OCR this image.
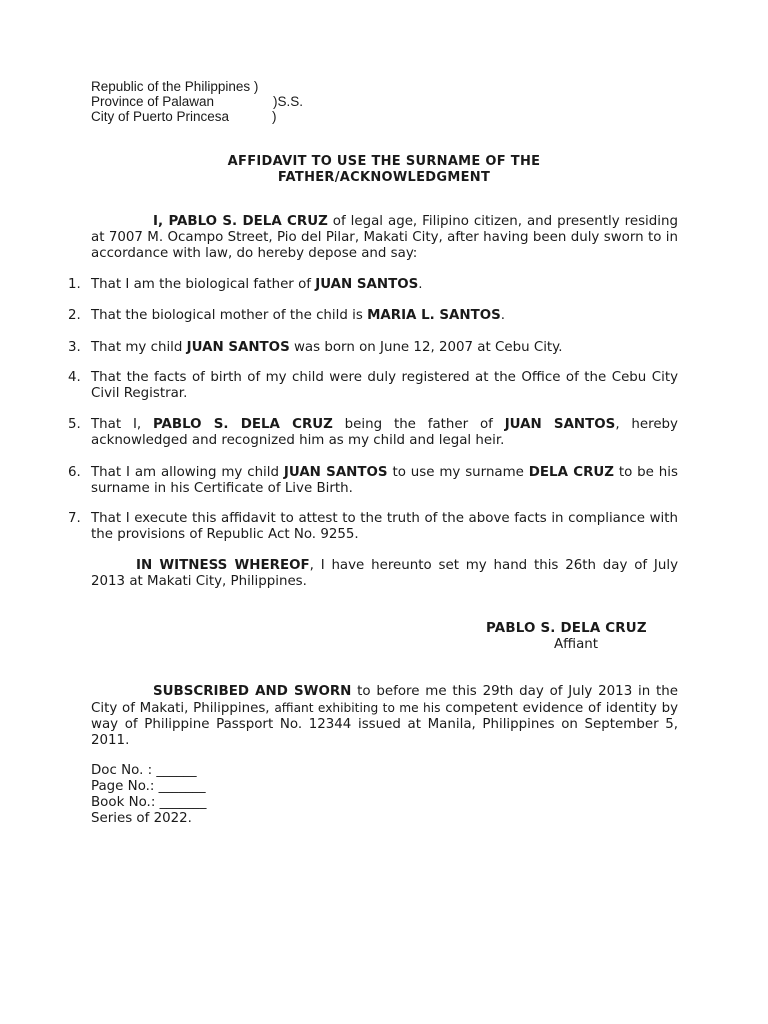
Republic of the Philippines )
Province of Palawan	)S.S.
City of Puerto Princesa	)
AFFIDAVIT TO USE THE SURNAME OF THE
FATHER/ACKNOWLEDGMENT
I, PABLO S. DELA CRUZ of legal age, Filipino citizen, and presently residing at 7007 M. Ocampo Street, Pio del Pilar, Makati City, after having been duly sworn to in accordance with law, do hereby depose and say:
1. That I am the biological father of JUAN SANTOS.
2. That the biological mother of the child is MARIA L. SANTOS.
3. That my child JUAN SANTOS was born on June 12, 2007 at Cebu City.
4. That the facts of birth of my child were duly registered at the Office of the Cebu City Civil Registrar.
5. That I, PABLO S. DELA CRUZ being the father of JUAN SANTOS, hereby acknowledged and recognized him as my child and legal heir.
6. That I am allowing my child JUAN SANTOS to use my surname DELA CRUZ to be his surname in his Certificate of Live Birth.
7. That I execute this affidavit to attest to the truth of the above facts in compliance with the provisions of Republic Act No. 9255.
IN WITNESS WHEREOF, I have hereunto set my hand this 26th day of July 2013 at Makati City, Philippines.
PABLO S. DELA CRUZ
Affiant
SUBSCRIBED AND SWORN to before me this 29th day of July 2013 in the City of Makati, Philippines, affiant exhibiting to me his competent evidence of identity by way of Philippine Passport No. 12344 issued at Manila, Philippines on September 5, 2011.
Doc No. : ______
Page No.: _______
Book No.: _______
Series of 2022.
